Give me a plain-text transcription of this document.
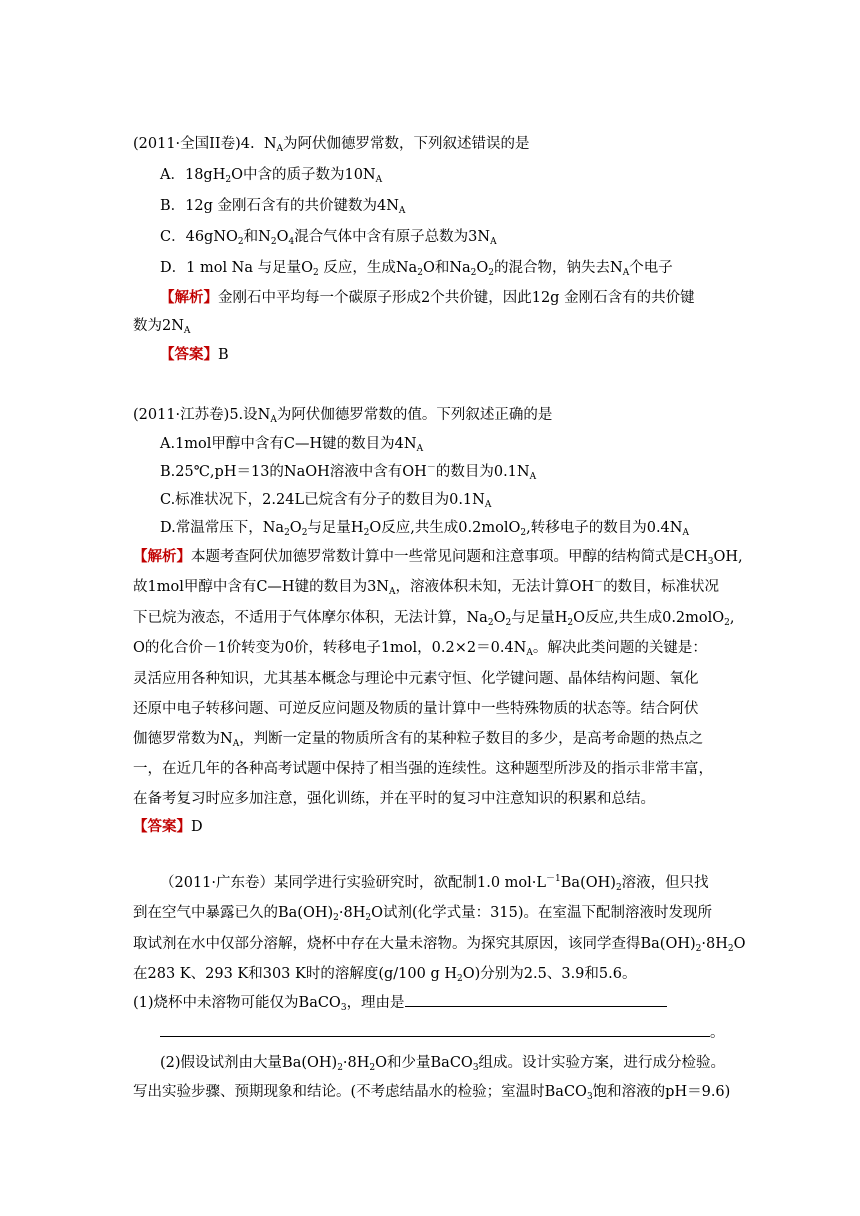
(2011·全国II卷)4. $N_A$为阿伏伽德罗常数，下列叙述错误的是
A．$18gH_2O$中含的质子数为$10N_A$
B．12g 金刚石含有的共价键数为$4N_A$
C．46gNO$_2$和$N_2O_4$混合气体中含有原子总数为$3N_A$
D．1 mol Na 与足量$O_2$ 反应，生成$Na_2O$和$Na_2O_2$的混合物，钠失去$N_A$个电子
【解析】金刚石中平均每一个碳原子形成2个共价键，因此12g 金刚石含有的共价键
数为$2N_A$
【答案】B
(2011·江苏卷)5.设$N_A$为阿伏伽德罗常数的值。下列叙述正确的是
A.1mol甲醇中含有C—H键的数目为$4N_A$
B.25℃,pH＝13的NaOH溶液中含有OH－的数目为$0.1N_A$
C.标准状况下，2.24L已烷含有分子的数目为$0.1N_A$
D.常温常压下，$Na_2O_2$与足量$H_2O$反应,共生成0.2molO$_2$,转移电子的数目为$0.4N_A$
【解析】本题考查阿伏加德罗常数计算中一些常见问题和注意事项。甲醇的结构简式是$CH_3OH$,
故1mol甲醇中含有C—H键的数目为$3N_A$，溶液体积未知，无法计算OH－的数目，标准状况
下已烷为液态，不适用于气体摩尔体积，无法计算，$Na_2O_2$与足量$H_2O$反应,共生成0.2molO$_2$,
O的化合价－1价转变为0价，转移电子1mol，$0.2\times 2=0.4N_A$。解决此类问题的关键是：
灵活应用各种知识，尤其基本概念与理论中元素守恒、化学键问题、晶体结构问题、氧化
还原中电子转移问题、可逆反应问题及物质的量计算中一些特殊物质的状态等。结合阿伏
伽德罗常数为$N_A$，判断一定量的物质所含有的某种粒子数目的多少，是高考命题的热点之
一，在近几年的各种高考试题中保持了相当强的连续性。这种题型所涉及的指示非常丰富，
在备考复习时应多加注意，强化训练，并在平时的复习中注意知识的积累和总结。
【答案】D
（2011·广东卷）某同学进行实验研究时，欲配制1.0 $mol\cdot L^{-1}Ba(OH)_2$溶液，但只找
到在空气中暴露已久的$Ba(OH)_2\cdot 8H_2O$试剂(化学式量：315)。在室温下配制溶液时发现所
取试剂在水中仅部分溶解，烧杯中存在大量未溶物。为探究其原因，该同学查得$Ba(OH)_2\cdot 8H_2O$
在283 K、293 K和303 K时的溶解度(g/100 g $H_2O$)分别为2.5、3.9和5.6。
(1)烧杯中未溶物可能仅为BaCO$_3$，理由是
。
(2)假设试剂由大量$Ba(OH)_2\cdot 8H_2O$和少量BaCO$_3$组成。设计实验方案，进行成分检验。
写出实验步骤、预期现象和结论。(不考虑结晶水的检验；室温时BaCO$_3$饱和溶液的pH＝9.6)
